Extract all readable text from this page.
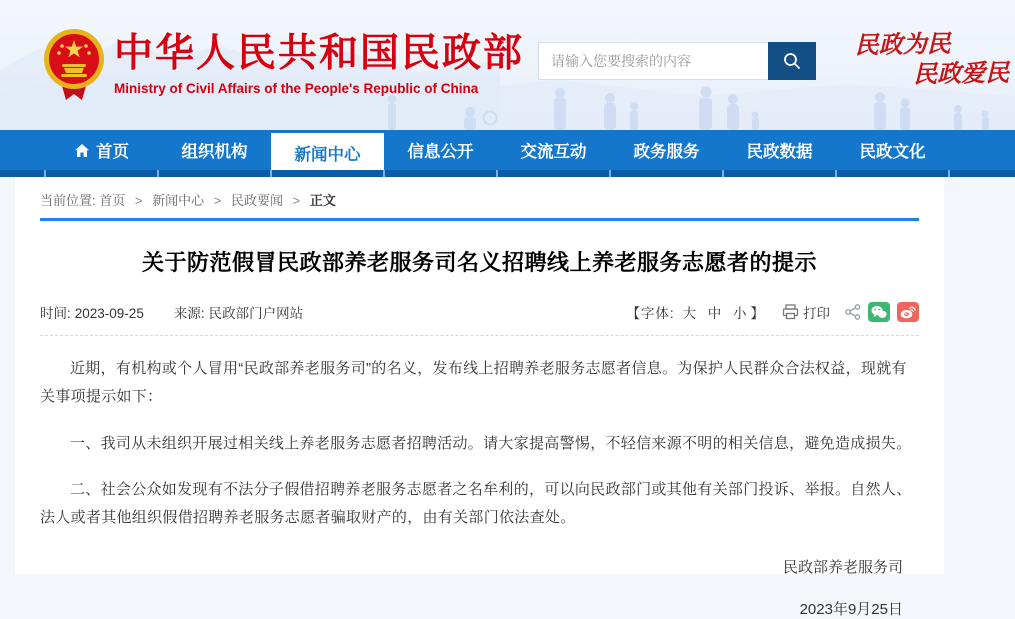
中华人民共和国民政部
Ministry of Civil Affairs of the People's Republic of China
请输入您要搜索的内容
民政为民
民政爱民
首页	组织机构	新闻中心	信息公开	交流互动	政务服务	民政数据	民政文化
当前位置: 首页 > 新闻中心 > 民政要闻 > 正文
关于防范假冒民政部养老服务司名义招聘线上养老服务志愿者的提示
时间: 2023-09-25 来源: 民政部门户网站	【字体: 大 中 小 】	打印

近期，有机构或个人冒用“民政部养老服务司”的名义，发布线上招聘养老服务志愿者信息。为保护人民群众合法权益，现就有关事项提示如下：

一、我司从未组织开展过相关线上养老服务志愿者招聘活动。请大家提高警惕，不轻信来源不明的相关信息，避免造成损失。

二、社会公众如发现有不法分子假借招聘养老服务志愿者之名牟利的，可以向民政部门或其他有关部门投诉、举报。自然人、法人或者其他组织假借招聘养老服务志愿者骗取财产的，由有关部门依法查处。

民政部养老服务司
2023年9月25日
